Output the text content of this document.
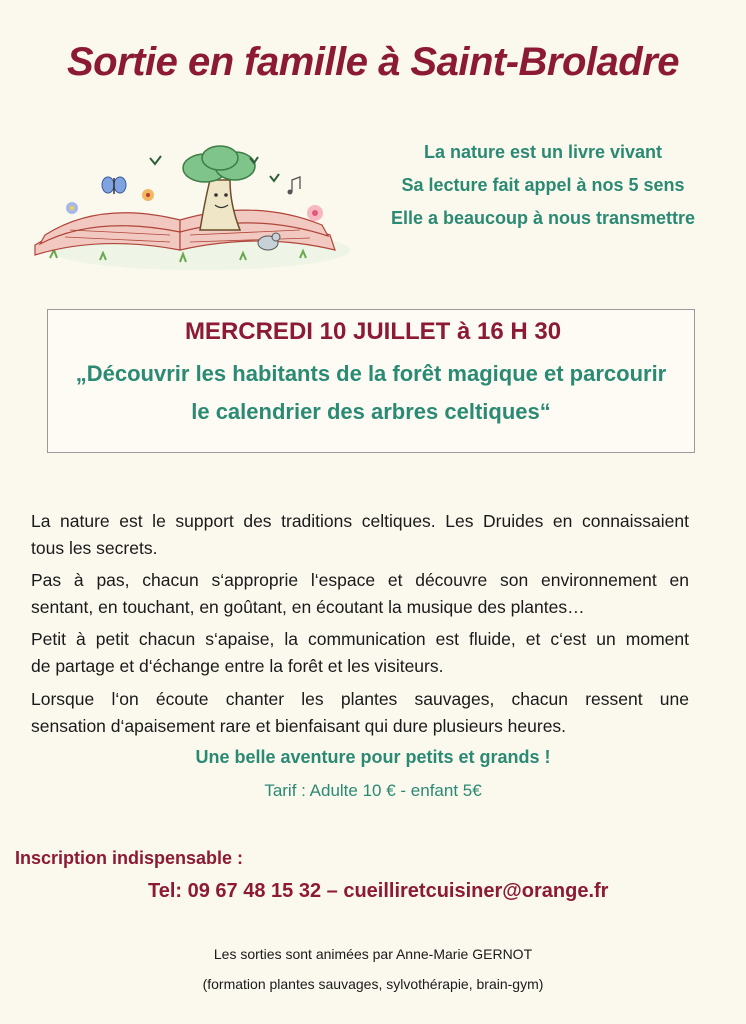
Sortie en famille à Saint-Broladre
La nature est un livre vivant
Sa lecture fait appel à nos 5 sens
Elle a beaucoup à nous transmettre
MERCREDI 10 JUILLET à 16 H 30
„Découvrir les habitants de la forêt magique et parcourir
le calendrier des arbres celtiques“
La nature est le support des traditions celtiques. Les Druides en connaissaient
tous les secrets.
Pas à pas, chacun s‘approprie l‘espace et découvre son environnement en
sentant, en touchant, en goûtant, en écoutant la musique des plantes…
Petit à petit chacun s‘apaise, la communication est fluide, et c‘est un moment
de partage et d‘échange entre la forêt et les visiteurs.
Lorsque l‘on écoute chanter les plantes sauvages, chacun ressent une
sensation d‘apaisement rare et bienfaisant qui dure plusieurs heures.
Une belle aventure pour petits et grands !
Tarif : Adulte 10 € - enfant 5€
Inscription indispensable :
Tel: 09 67 48 15 32 – cueilliretcuisiner@orange.fr
Les sorties sont animées par Anne-Marie GERNOT
(formation plantes sauvages, sylvothérapie, brain-gym)
